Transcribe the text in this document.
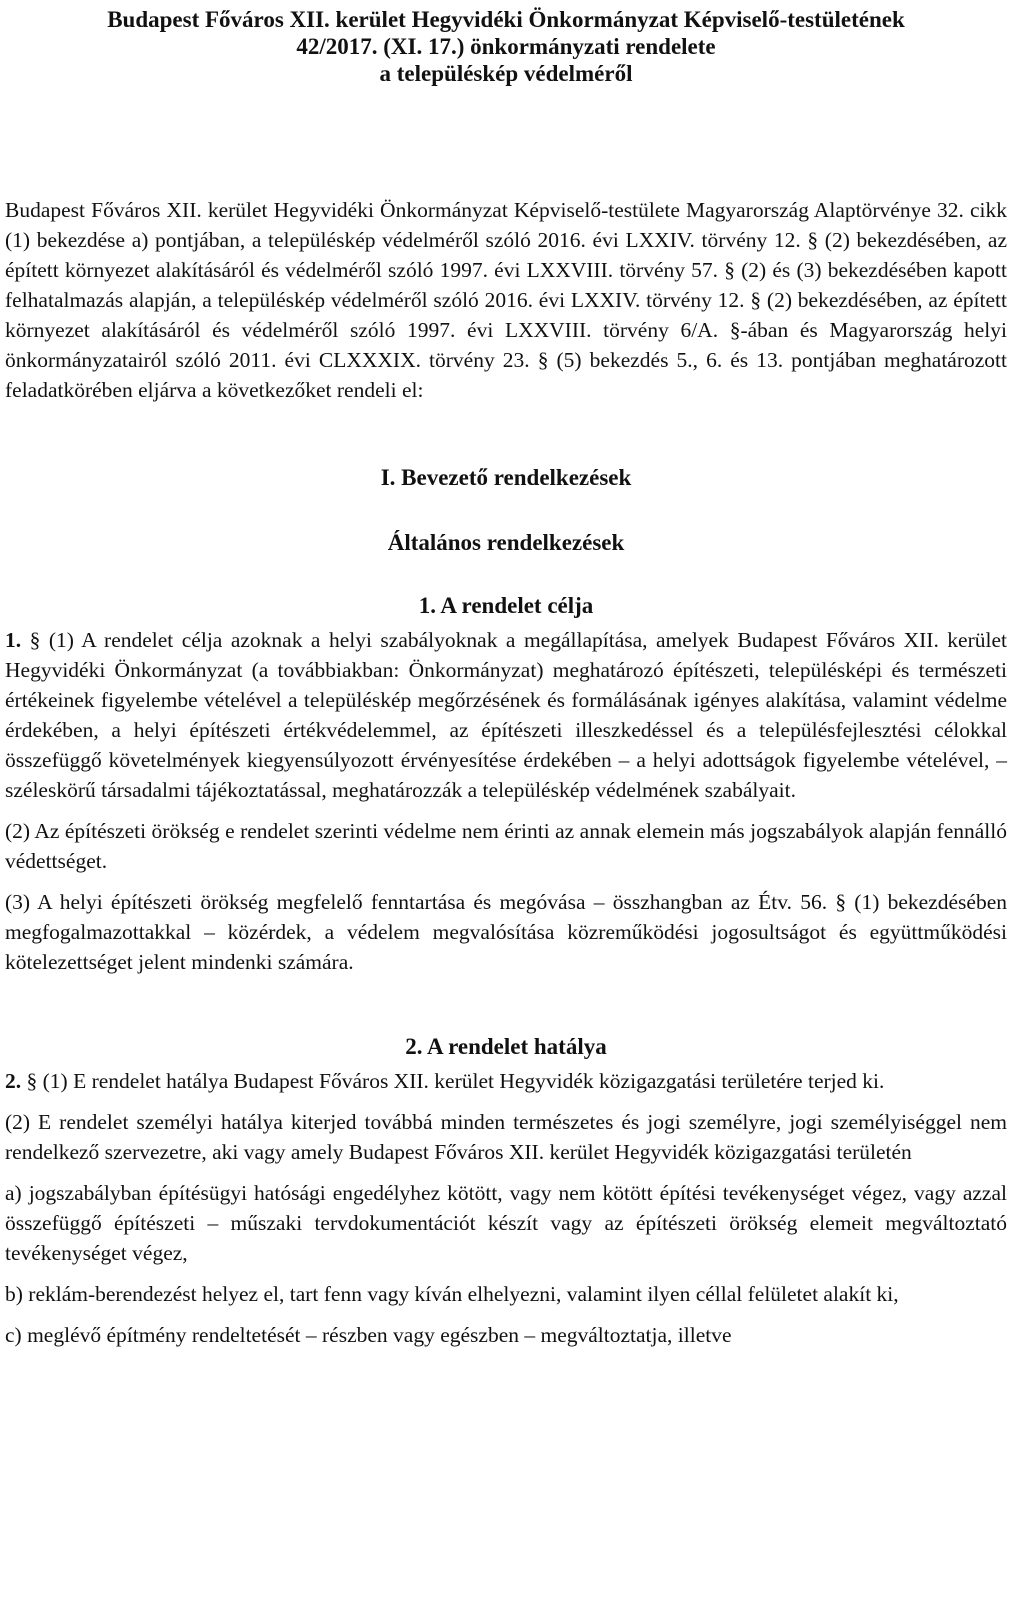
Budapest Főváros XII. kerület Hegyvidéki Önkormányzat Képviselő-testületének
42/2017. (XI. 17.) önkormányzati rendelete
a településkép védelméről

Budapest Főváros XII. kerület Hegyvidéki Önkormányzat Képviselő-testülete Magyarország Alaptörvénye 32. cikk (1) bekezdése a) pontjában, a településkép védelméről szóló 2016. évi LXXIV. törvény 12. § (2) bekezdésében, az épített környezet alakításáról és védelméről szóló 1997. évi LXXVIII. törvény 57. § (2) és (3) bekezdésében kapott felhatalmazás alapján, a településkép védelméről szóló 2016. évi LXXIV. törvény 12. § (2) bekezdésében, az épített környezet alakításáról és védelméről szóló 1997. évi LXXVIII. törvény 6/A. §-ában és Magyarország helyi önkormányzatairól szóló 2011. évi CLXXXIX. törvény 23. § (5) bekezdés 5., 6. és 13. pontjában meghatározott feladatkörében eljárva a következőket rendeli el:

I. Bevezető rendelkezések
Általános rendelkezések
1. A rendelet célja

1. § (1) A rendelet célja azoknak a helyi szabályoknak a megállapítása, amelyek Budapest Főváros XII. kerület Hegyvidéki Önkormányzat (a továbbiakban: Önkormányzat) meghatározó építészeti, településképi és természeti értékeinek figyelembe vételével a településkép megőrzésének és formálásának igényes alakítása, valamint védelme érdekében, a helyi építészeti értékvédelemmel, az építészeti illeszkedéssel és a településfejlesztési célokkal összefüggő követelmények kiegyensúlyozott érvényesítése érdekében – a helyi adottságok figyelembe vételével, – széleskörű társadalmi tájékoztatással, meghatározzák a településkép védelmének szabályait.

(2) Az építészeti örökség e rendelet szerinti védelme nem érinti az annak elemein más jogszabályok alapján fennálló védettséget.

(3) A helyi építészeti örökség megfelelő fenntartása és megóvása – összhangban az Étv. 56. § (1) bekezdésében megfogalmazottakkal – közérdek, a védelem megvalósítása közreműködési jogosultságot és együttműködési kötelezettséget jelent mindenki számára.

2. A rendelet hatálya

2. § (1) E rendelet hatálya Budapest Főváros XII. kerület Hegyvidék közigazgatási területére terjed ki.

(2) E rendelet személyi hatálya kiterjed továbbá minden természetes és jogi személyre, jogi személyiséggel nem rendelkező szervezetre, aki vagy amely Budapest Főváros XII. kerület Hegyvidék közigazgatási területén

a) jogszabályban építésügyi hatósági engedélyhez kötött, vagy nem kötött építési tevékenységet végez, vagy azzal összefüggő építészeti – műszaki tervdokumentációt készít vagy az építészeti örökség elemeit megváltoztató tevékenységet végez,

b) reklám-berendezést helyez el, tart fenn vagy kíván elhelyezni, valamint ilyen céllal felületet alakít ki,

c) meglévő építmény rendeltetését – részben vagy egészben – megváltoztatja, illetve
